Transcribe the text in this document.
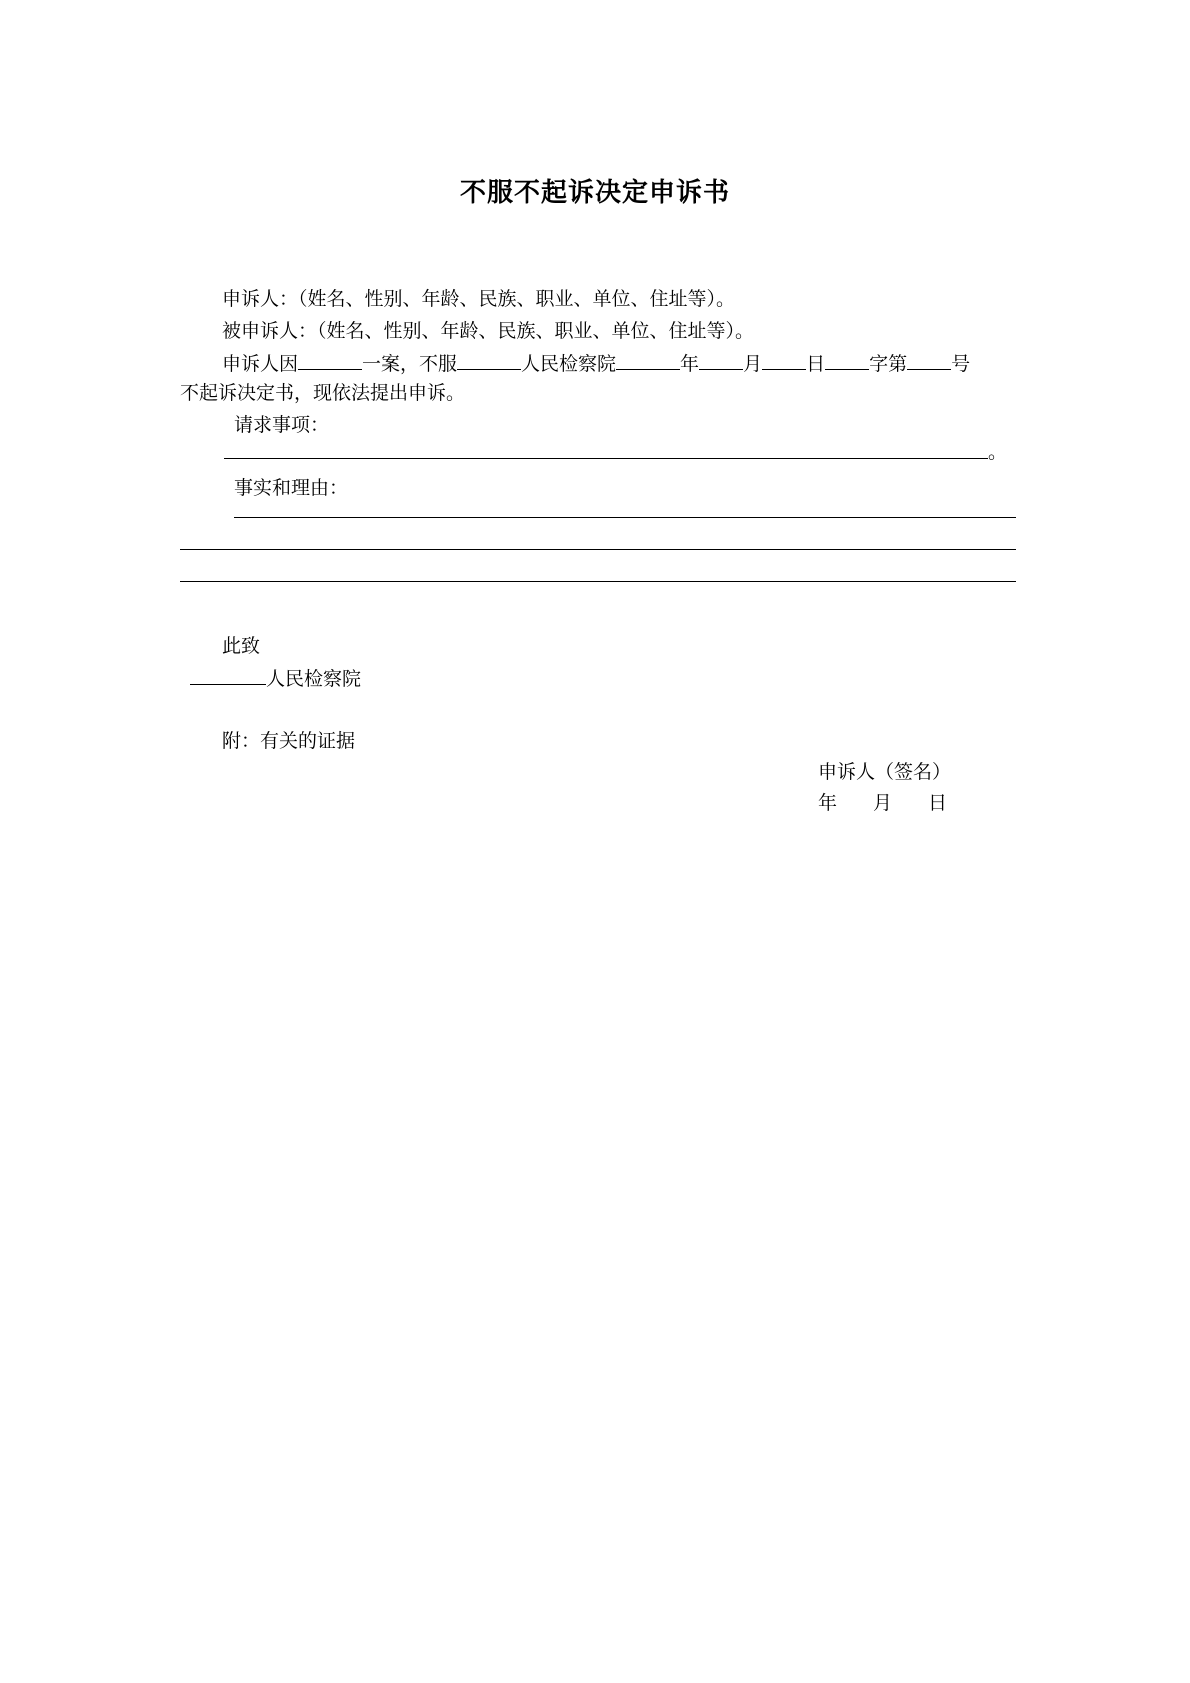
不服不起诉决定申诉书
申诉人：（姓名、性别、年龄、民族、职业、单位、住址等）。
被申诉人：（姓名、性别、年龄、民族、职业、单位、住址等）。
申诉人因	一案，不服	人民检察院	年 月 日 字第 号
不起诉决定书，现依法提出申诉。
请求事项：
。
事实和理由：
此致
人民检察院
附：有关的证据
申诉人（签名）
年 月 日
